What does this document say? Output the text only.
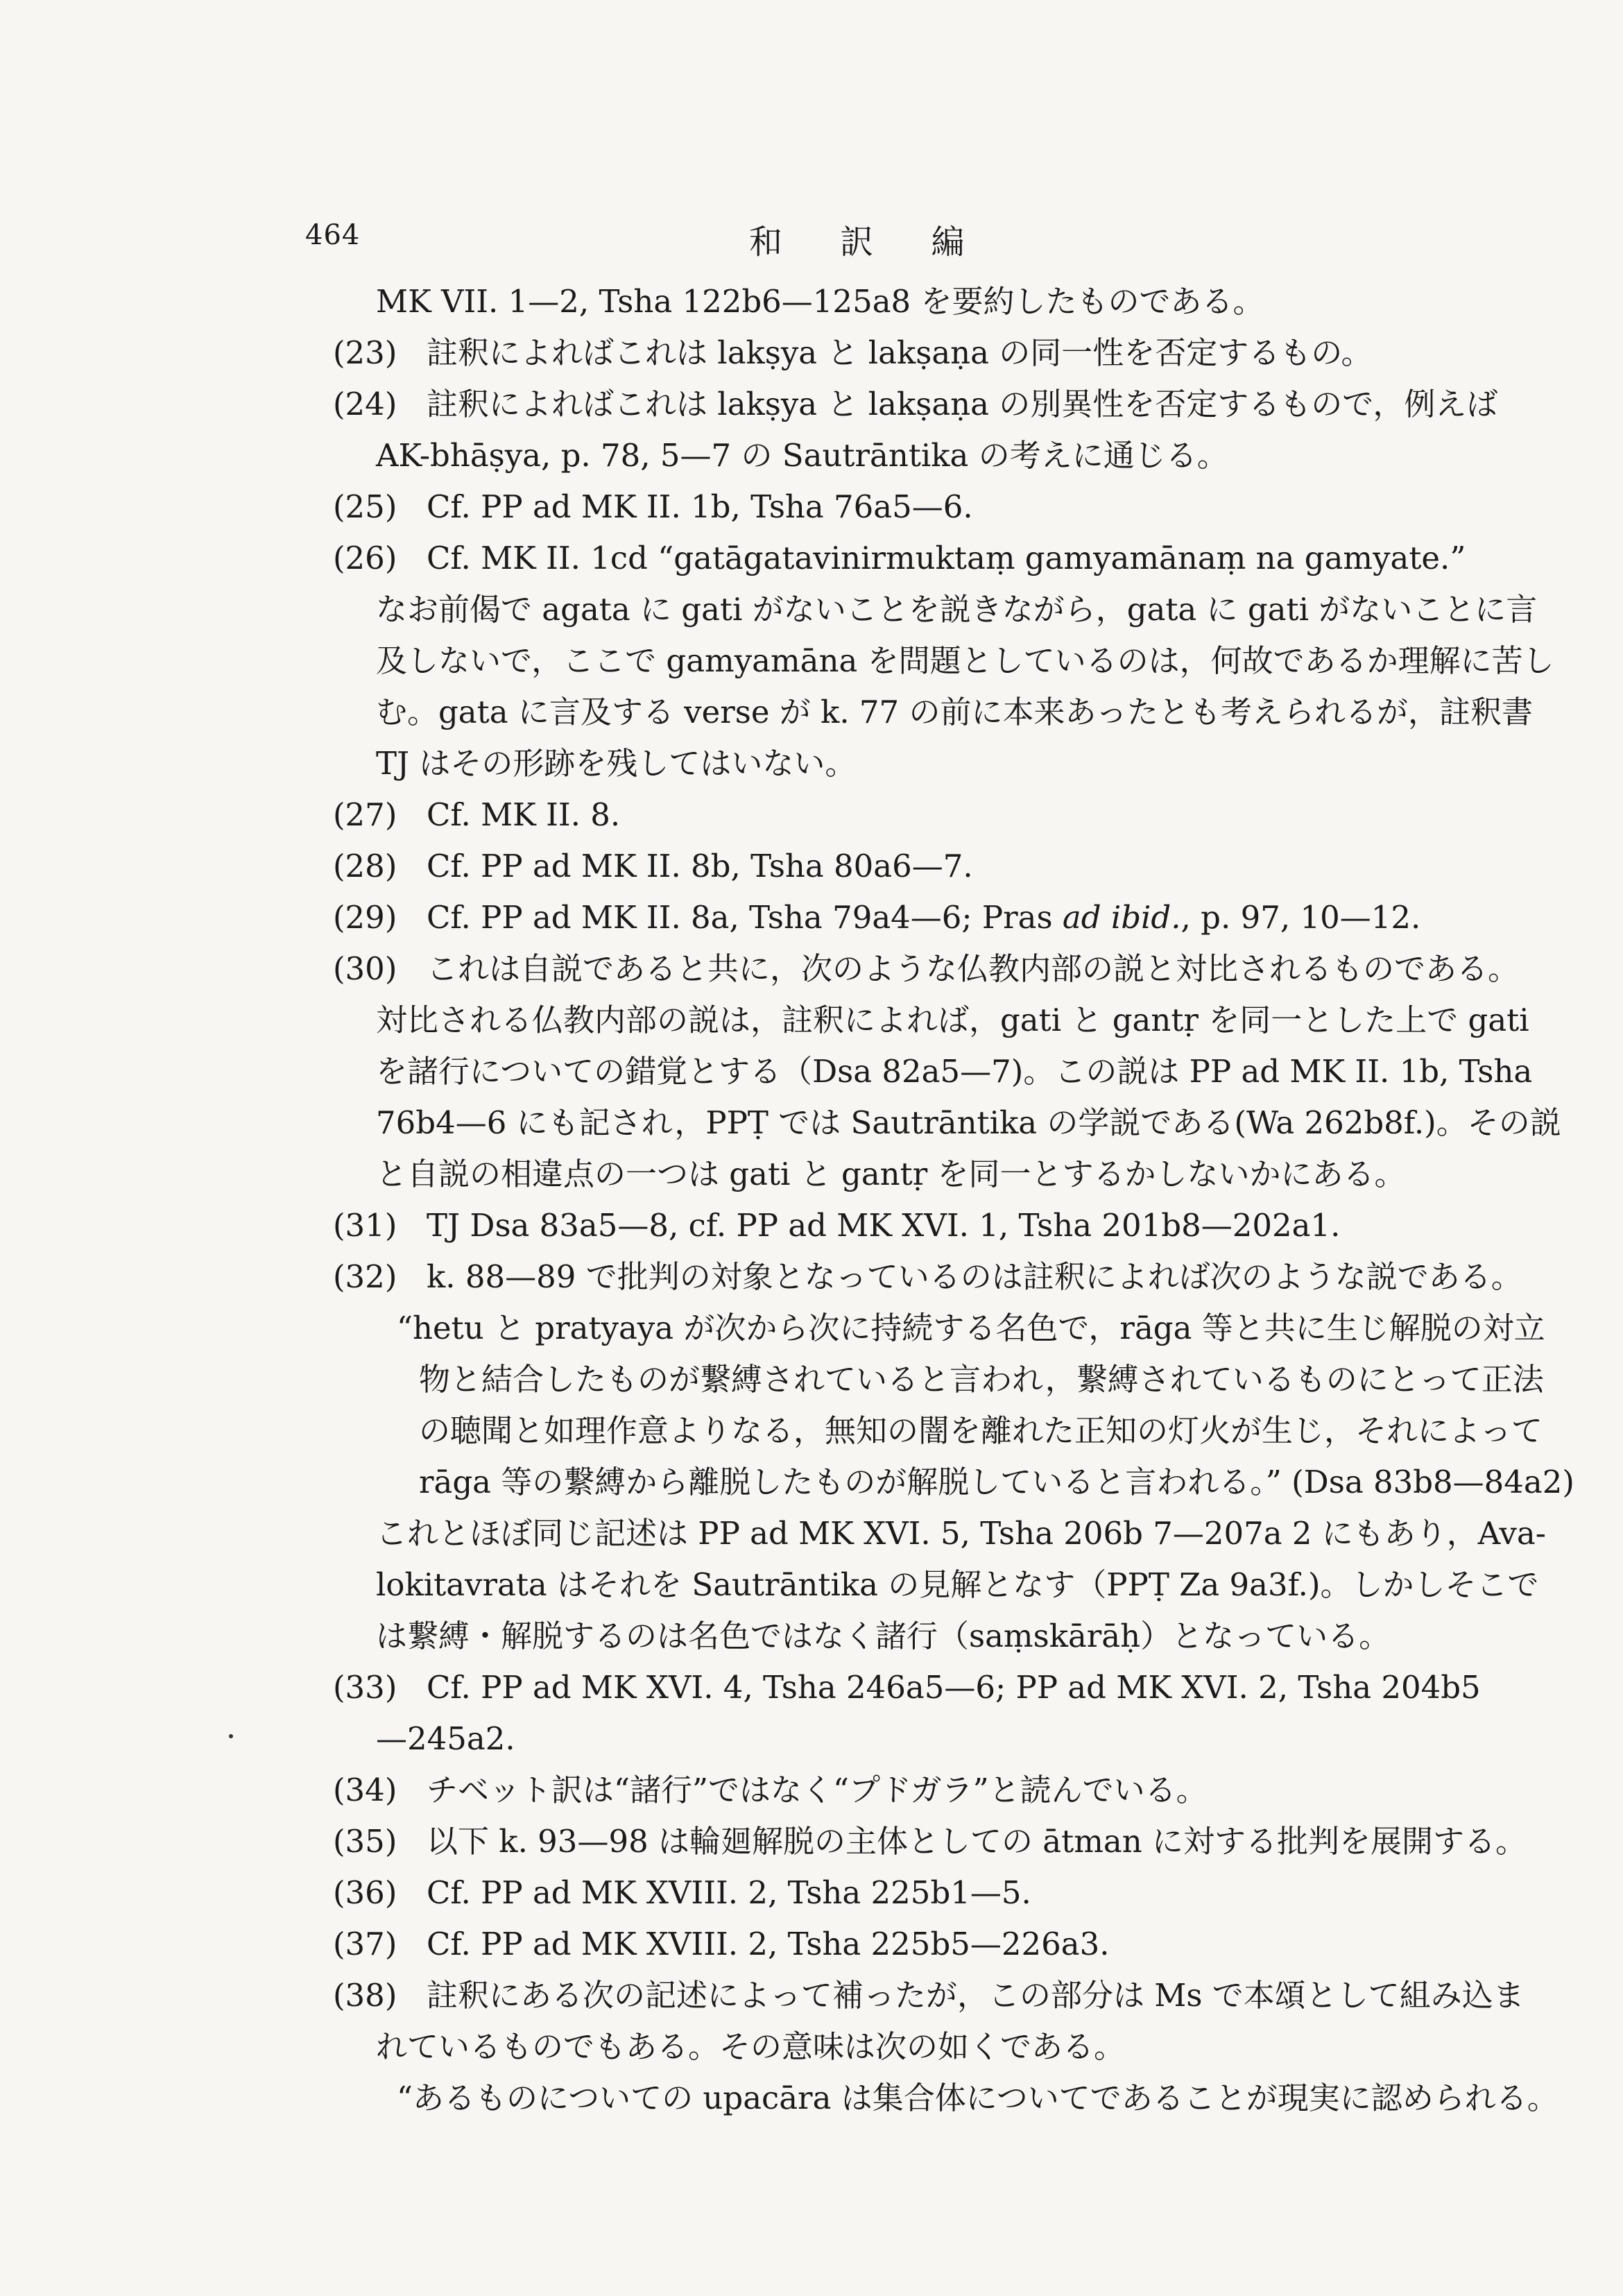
464	和 訳 編
MK VII. 1—2, Tsha 122b6—125a8 を要約したものである。
(23) 註釈によればこれは lakṣya と lakṣaṇa の同一性を否定するもの。
(24) 註釈によればこれは lakṣya と lakṣaṇa の別異性を否定するもので，例えば
AK-bhāṣya, p. 78, 5—7 の Sautrāntika の考えに通じる。
(25) Cf. PP ad MK II. 1b, Tsha 76a5—6.
(26) Cf. MK II. 1cd “gatāgatavinirmuktaṃ gamyamānaṃ na gamyate.”
なお前偈で agata に gati がないことを説きながら，gata に gati がないことに言
及しないで，ここで gamyamāna を問題としているのは，何故であるか理解に苦し
む。gata に言及する verse が k. 77 の前に本来あったとも考えられるが，註釈書
TJ はその形跡を残してはいない。
(27) Cf. MK II. 8.
(28) Cf. PP ad MK II. 8b, Tsha 80a6—7.
(29) Cf. PP ad MK II. 8a, Tsha 79a4—6; Pras ad ibid., p. 97, 10—12.
(30) これは自説であると共に，次のような仏教内部の説と対比されるものである。
対比される仏教内部の説は，註釈によれば，gati と gantṛ を同一とした上で gati
を諸行についての錯覚とする（Dsa 82a5—7)。この説は PP ad MK II. 1b, Tsha
76b4—6 にも記され，PPṬ では Sautrāntika の学説である(Wa 262b8f.)。その説
と自説の相違点の一つは gati と gantṛ を同一とするかしないかにある。
(31) TJ Dsa 83a5—8, cf. PP ad MK XVI. 1, Tsha 201b8—202a1.
(32) k. 88—89 で批判の対象となっているのは註釈によれば次のような説である。
“hetu と pratyaya が次から次に持続する名色で，rāga 等と共に生じ解脱の対立
物と結合したものが繋縛されていると言われ，繋縛されているものにとって正法
の聴聞と如理作意よりなる，無知の闇を離れた正知の灯火が生じ，それによって
rāga 等の繋縛から離脱したものが解脱していると言われる。” (Dsa 83b8—84a2)
これとほぼ同じ記述は PP ad MK XVI. 5, Tsha 206b 7—207a 2 にもあり，Ava-
lokitavrata はそれを Sautrāntika の見解となす（PPṬ Za 9a3f.)。しかしそこで
は繋縛・解脱するのは名色ではなく諸行（saṃskārāḥ）となっている。
(33) Cf. PP ad MK XVI. 4, Tsha 246a5—6; PP ad MK XVI. 2, Tsha 204b5
—245a2.
(34) チベット訳は“諸行”ではなく“プドガラ”と読んでいる。
(35) 以下 k. 93—98 は輪廻解脱の主体としての ātman に対する批判を展開する。
(36) Cf. PP ad MK XVIII. 2, Tsha 225b1—5.
(37) Cf. PP ad MK XVIII. 2, Tsha 225b5—226a3.
(38) 註釈にある次の記述によって補ったが，この部分は Ms で本頌として組み込ま
れているものでもある。その意味は次の如くである。
“あるものについての upacāra は集合体についてであることが現実に認められる。
